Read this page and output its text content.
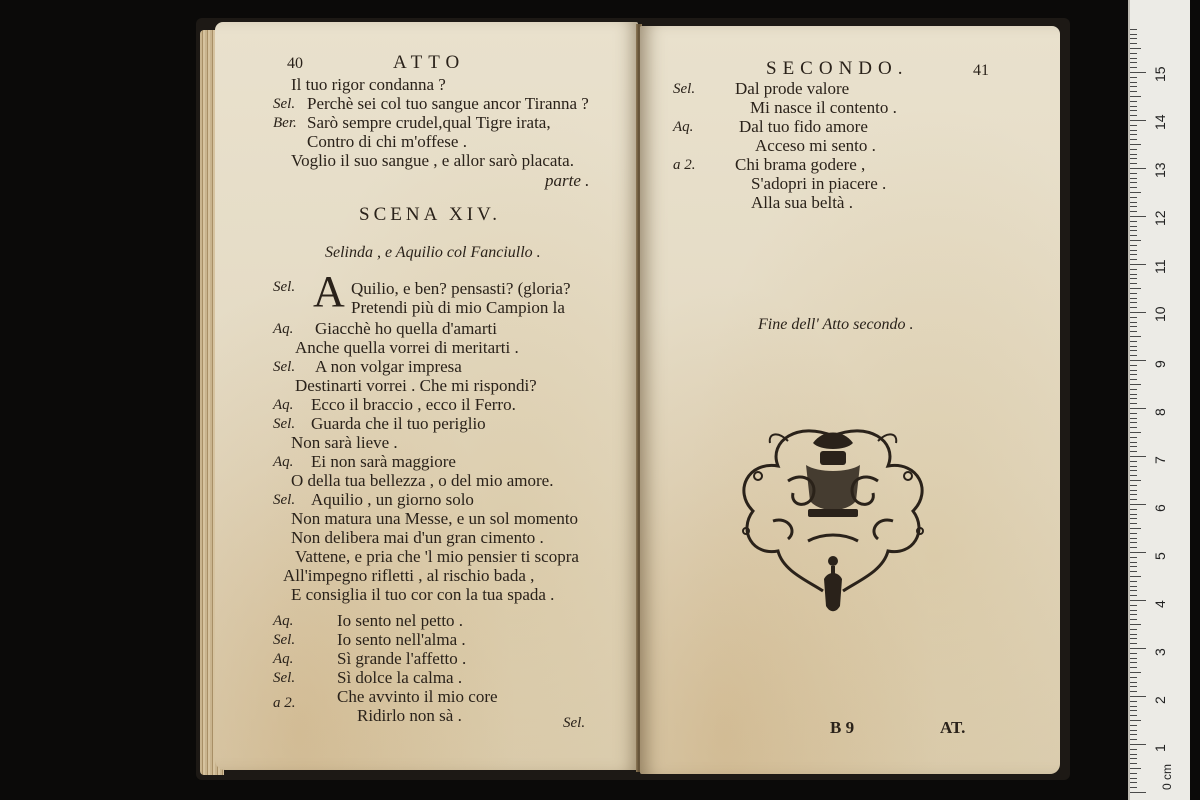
40	ATTO
Il tuo rigor condanna ?
Sel. Perchè sei col tuo sangue ancor Tiranna ?
Ber. Sarò sempre crudel,qual Tigre irata,
Contro di chi m'offese .
Voglio il suo sangue , e allor sarò placata.
parte .
SCENA XIV.
Selinda , e Aquilio col Fanciullo .
Sel. A Quilio, e ben? pensasti? (gloria?
Pretendi più di mio Campion la
Aq. Giacchè ho quella d'amarti
Anche quella vorrei di meritarti .
Sel. A non volgar impresa
Destinarti vorrei . Che mi rispondi?
Aq. Ecco il braccio , ecco il Ferro.
Sel. Guarda che il tuo periglio
Non sarà lieve .
Aq. Ei non sarà maggiore
O della tua bellezza , o del mio amore.
Sel. Aquilio , un giorno solo
Non matura una Messe, e un sol momento
Non delibera mai d'un gran cimento .
Vattene, e pria che 'l mio pensier ti scopra
All'impegno rifletti , al rischio bada ,
E consiglia il tuo cor con la tua spada .
Aq.	Io sento nel petto .
Sel. Io sento nell'alma .
Aq.	Sì grande l'affetto .
Sel. Sì dolce la calma .
a 2. Che avvinto il mio core
Ridirlo non sà .	Sel.
SECONDO.	41
Sel. Dal prode valore
Mi nasce il contento .
Aq.	Dal tuo fido amore
Acceso mi sento .
a 2. Chi brama godere ,
S'adopri in piacere .
Alla sua beltà .
Fine dell' Atto secondo .
B 9	AT.
1
2
3
4
5
6
7
8
9
10
11
12
13
14
15
0 cm
